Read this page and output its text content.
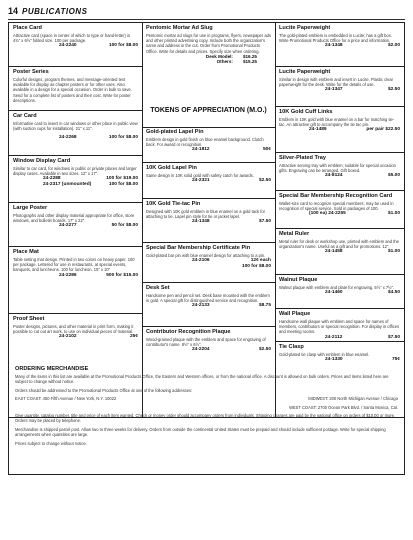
14 PUBLICATIONS
Place Card

Attractive card (space in center of which to type or hand-letter) in 4¾" x 6½" folded size. 100 per package.

24-2240	100 for $8.00
Poster Series

Colorful designs, program themes, and message-oriented text available for display as chapter posters or for other uses. Also available in a design for a special occasion. Order in bulk to save. Send for a complete list of posters and their cost. Write for poster descriptions.

Car Card

Informative card to insert in car windows or other place in public view (with suction cups for installation). 21" x 11".

24-2268	100 for $8.00
Window Display Card

Similar to car card, for windows in public or private places and larger display cases. Available in two sizes. 12" x 17".

24-2288	100 for $19.00
24-2317 (unmounted)	100 for $8.00
Large Poster

Photographs and other display material appropriate for office, store windows, and bulletin boards. 17" x 22".

24-2277	50 for $8.00
Place Mat

Table setting mat design. Printed in two colors on heavy paper. 100 per package. Lettered for use in restaurants, at special events, banquets, and luncheons. 100 for luncheon. 15" x 10"

24-2286	500 for $15.00
Proof Sheet

Poster designs, pictures, and other material in print form, making it possible to cut out art work, to use on individual pieces of material.

24-2102	25¢
Pentomic Mortar Ad Slug

Pentomic mortar ad slugs for use in programs, flyers, newspaper ads and other printed advertising copy. Include both the organization's name and address in the cut. Order from Promotional Products Office. Write for details and prices. Specify size when ordering.

Desk Model: $16.25
Others: $15.25
TOKENS OF APPRECIATION (M.O.)
Gold-plated Lapel Pin

Emblem design in gold finish on blue enamel background. Clutch back. For award or recognition.

24-1812	50¢
10K Gold Lapel Pin

Same design in 10K solid gold with safety catch for awards.

24-2321	$2.50
10K Gold Tie-tac Pin

Designed with 10K gold emblem in blue enamel on a gold tack for attaching to tie. Lapel pin style for tie or jacket lapel.

24-1348	$7.50
Special Bar Membership Certificate Pin

Gold-plated bar pin with blue enamel design for attaching to a pin.

24-2106	12¢ each
100 for $8.00
Desk Set

Handsome pen and pencil set. Desk base mounted with the emblem in gold. A special gift for distinguished service and recognition.

24-2133	$8.75
Contributor Recognition Plaque

Wood-grained plaque with the emblem and space for engraving of contributor's name. 8½" x 6½".

24-2204	$2.50
Lucite Paperweight

The gold-plated emblem is embedded in Lucite; has a gift box. Write Promotional Products Office for a price and information.

24-1348	$2.00
Lucite Paperweight

Similar in design with emblem and insert in Lucite. Plastic clear paperweight for the desk. Write for the details of use.

24-1347	$2.50
10K Gold Cuff Links

Emblem in 10K gold with blue enamel on a bar for matching tie-tac. An attractive gift to accompany the tie tac pin.

24-1489	per pair $22.50
Silver-Plated Tray

Attractive serving tray with emblem; suitable for special occasion gifts. Engraving can be arranged. Gift boxed.

24-8124	$5.00
Special Bar Membership Recognition Card

Wallet-size card to recognize special members; may be used in recognition of special service. Sold in packages of 100.

(100 ea) 24-2255	$1.00
Metal Ruler

Metal ruler for desk or workshop use, printed with emblem and the organization's name. Useful as a gift and for promotions. 12".

24-1458	$1.00
Walnut Plaque

Walnut plaque with emblem and plate for engraving. 5½" x 7½".

24-1460	$4.50
Wall Plaque

Handsome wall plaque with emblem and space for names of members, contributors or special recognition. For display in offices and meeting rooms.

24-2112	$7.50
Tie Clasp

Gold-plated tie clasp with emblem in blue enamel.

24-1330	75¢
ORDERING MERCHANDISE

Many of the items in this list are available at the Promotional Products Office, the Eastern and Western offices, or from the national office. A discount is allowed on bulk orders. Prices and items listed here are subject to change without notice.

Orders should be addressed to the Promotional Products Office at one of the following addresses:

EAST COAST: 450 Fifth Avenue / New York, N.Y. 10022	MIDWEST: 200 North Michigan Avenue / Chicago
WEST COAST: 2700 Ocean Park Blvd. / Santa Monica, Cal.

Give quantity, catalog number, title and price of each item wanted. Check or money order should accompany orders from individuals. Shipping charges are paid by the national office on orders of $10.00 or more. Orders may be placed by telephone.

Merchandise is shipped parcel post. Allow two to three weeks for delivery. Orders from outside the continental United States must be prepaid and should include sufficient postage. Write for special shipping arrangements when quantities are large.

Prices subject to change without notice.
